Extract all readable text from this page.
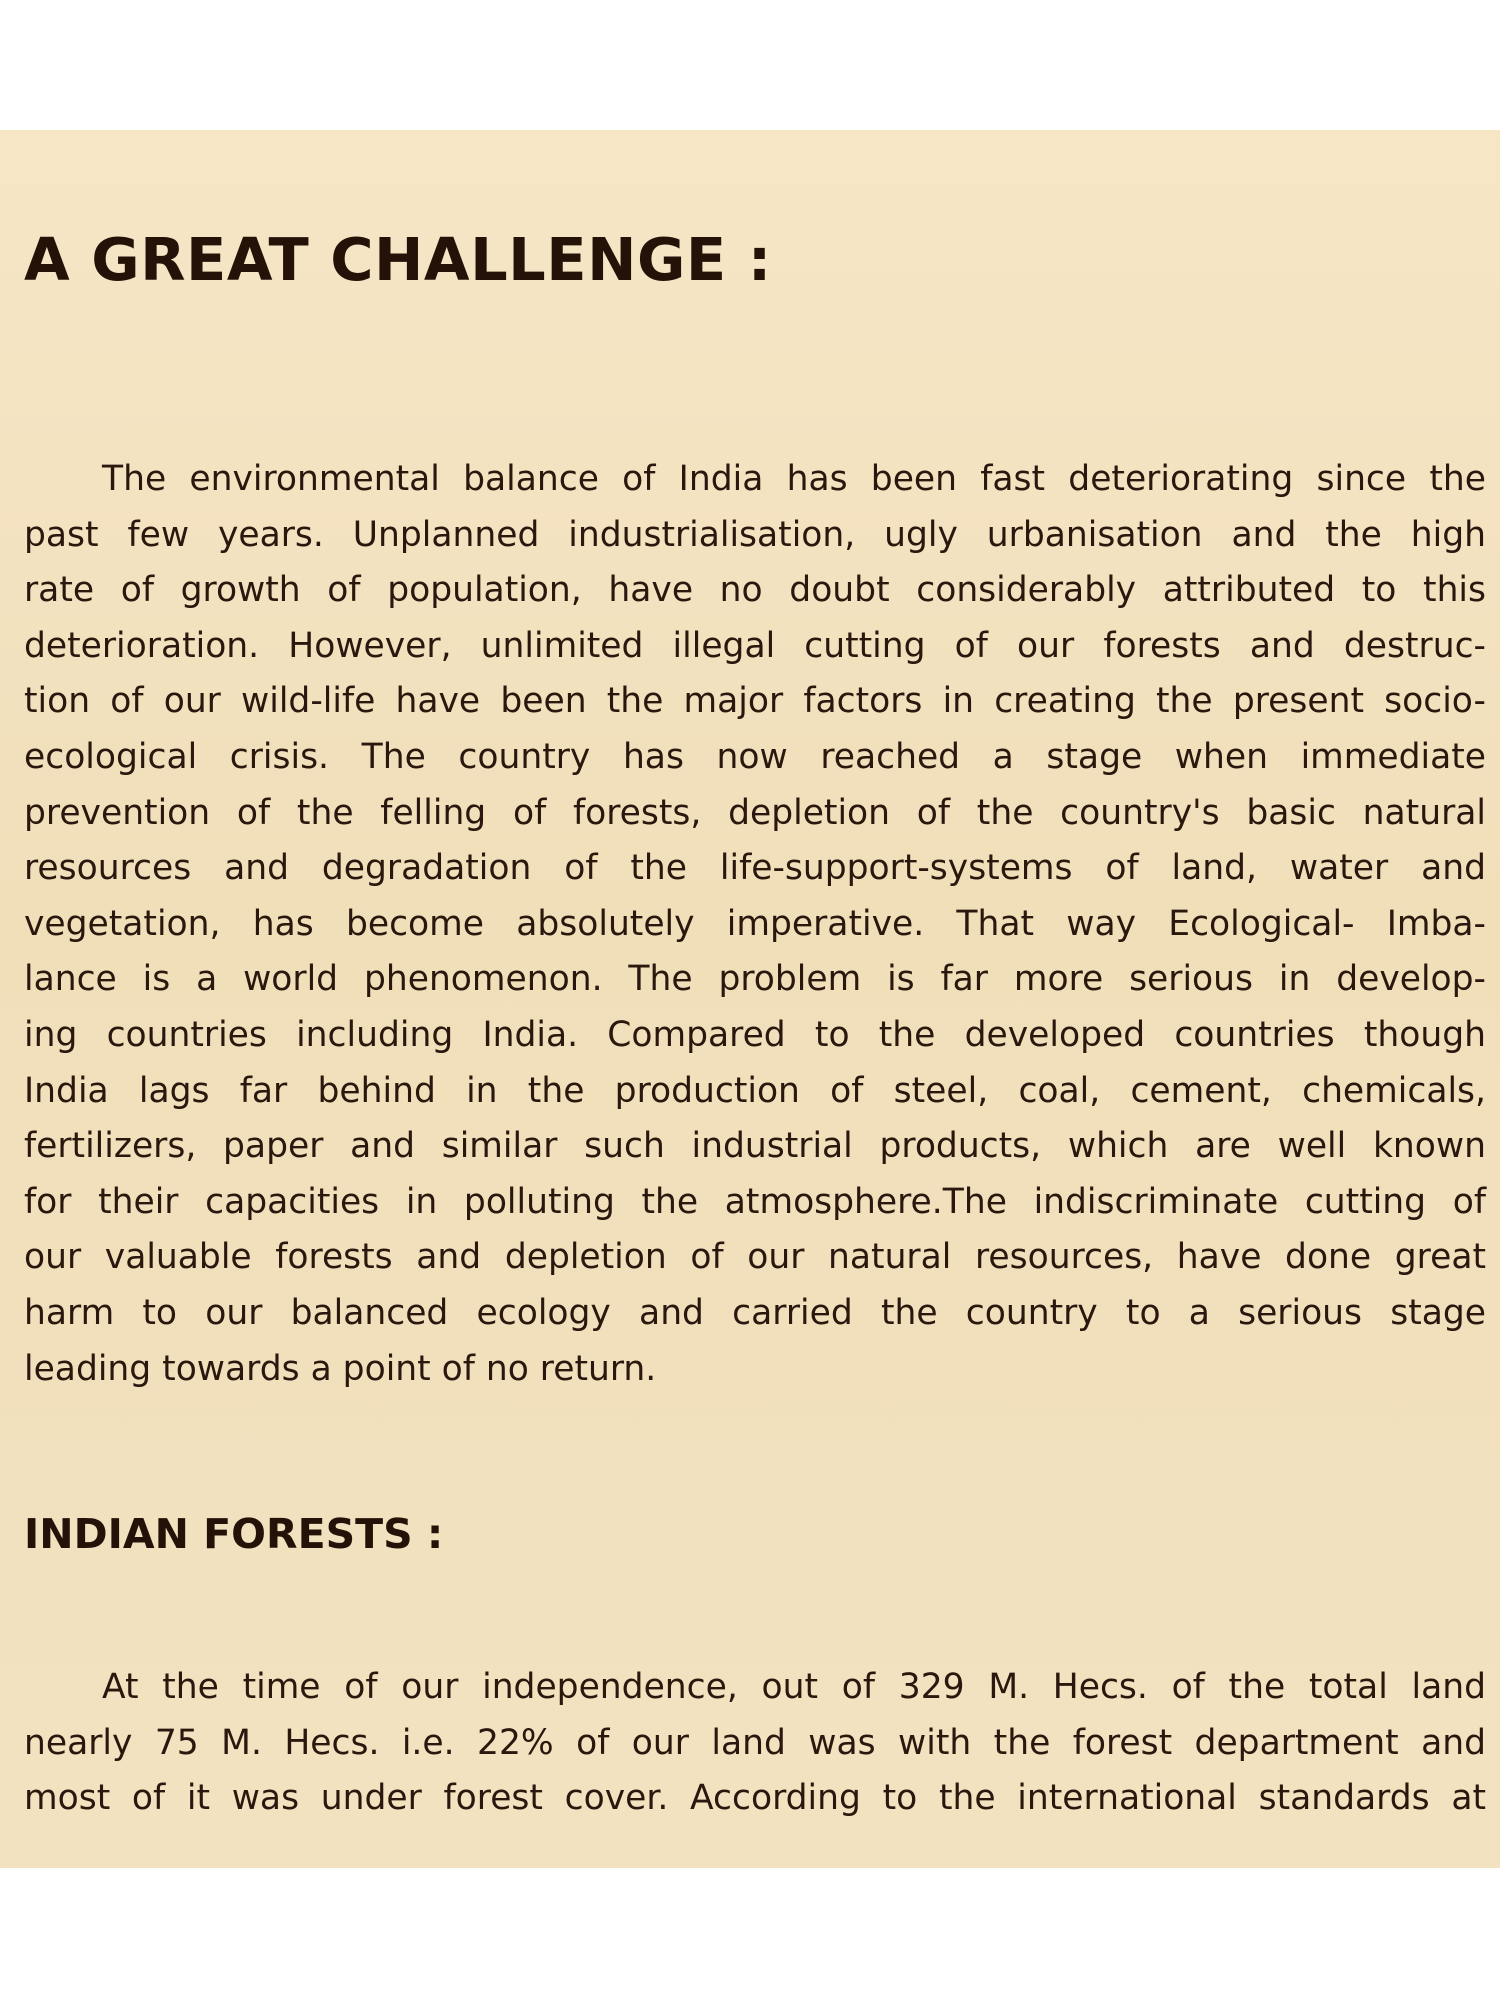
A GREAT CHALLENGE :
The environmental balance of India has been fast deteriorating since the
past few years. Unplanned industrialisation, ugly urbanisation and the high
rate of growth of population, have no doubt considerably attributed to this
deterioration. However, unlimited illegal cutting of our forests and destruc-
tion of our wild-life have been the major factors in creating the present socio-
ecological crisis. The country has now reached a stage when immediate
prevention of the felling of forests, depletion of the country's basic natural
resources and degradation of the life-support-systems of land, water and
vegetation, has become absolutely imperative. That way Ecological- Imba-
lance is a world phenomenon. The problem is far more serious in develop-
ing countries including India. Compared to the developed countries though
India lags far behind in the production of steel, coal, cement, chemicals,
fertilizers, paper and similar such industrial products, which are well known
for their capacities in polluting the atmosphere.The indiscriminate cutting of
our valuable forests and depletion of our natural resources, have done great
harm to our balanced ecology and carried the country to a serious stage
leading towards a point of no return.
INDIAN FORESTS :
At the time of our independence, out of 329 M. Hecs. of the total land
nearly 75 M. Hecs. i.e. 22% of our land was with the forest department and
most of it was under forest cover. According to the international standards at
